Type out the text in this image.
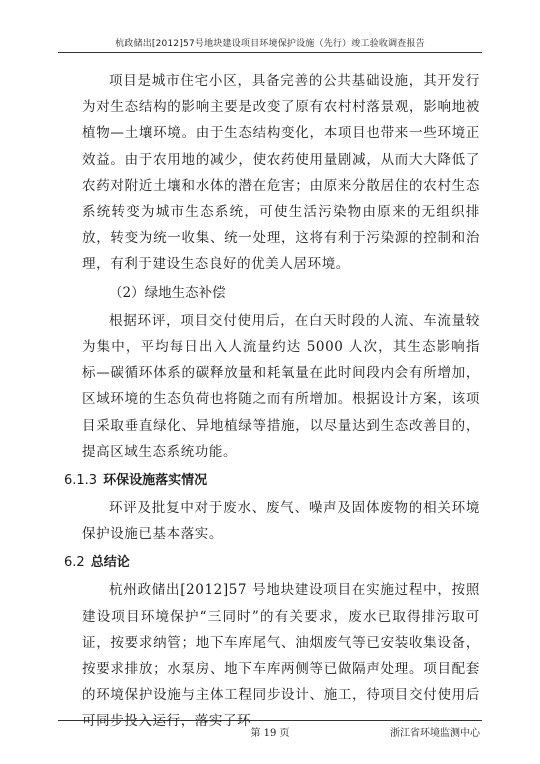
杭政储出[2012]57号地块建设项目环境保护设施（先行）竣工验收调查报告

项目是城市住宅小区，具备完善的公共基础设施，其开发行为对生态结构的影响主要是改变了原有农村村落景观，影响地被植物—土壤环境。由于生态结构变化，本项目也带来一些环境正效益。由于农用地的减少，使农药使用量剧减，从而大大降低了农药对附近土壤和水体的潜在危害；由原来分散居住的农村生态系统转变为城市生态系统，可使生活污染物由原来的无组织排放，转变为统一收集、统一处理，这将有利于污染源的控制和治理，有利于建设生态良好的优美人居环境。

（2）绿地生态补偿

根据环评，项目交付使用后，在白天时段的人流、车流量较为集中，平均每日出入人流量约达 5000 人次，其生态影响指标—碳循环体系的碳释放量和耗氧量在此时间段内会有所增加，区域环境的生态负荷也将随之而有所增加。根据设计方案，该项目采取垂直绿化、异地植绿等措施，以尽量达到生态改善目的，提高区域生态系统功能。

6.1.3 环保设施落实情况

环评及批复中对于废水、废气、噪声及固体废物的相关环境保护设施已基本落实。

6.2 总结论

杭州政储出[2012]57 号地块建设项目在实施过程中，按照建设项目环境保护“三同时”的有关要求，废水已取得排污取可证，按要求纳管；地下车库尾气、油烟废气等已安装收集设备，按要求排放；水泵房、地下车库两侧等已做隔声处理。项目配套的环境保护设施与主体工程同步设计、施工，待项目交付使用后可同步投入运行，落实了环

第 19 页	浙江省环境监测中心
